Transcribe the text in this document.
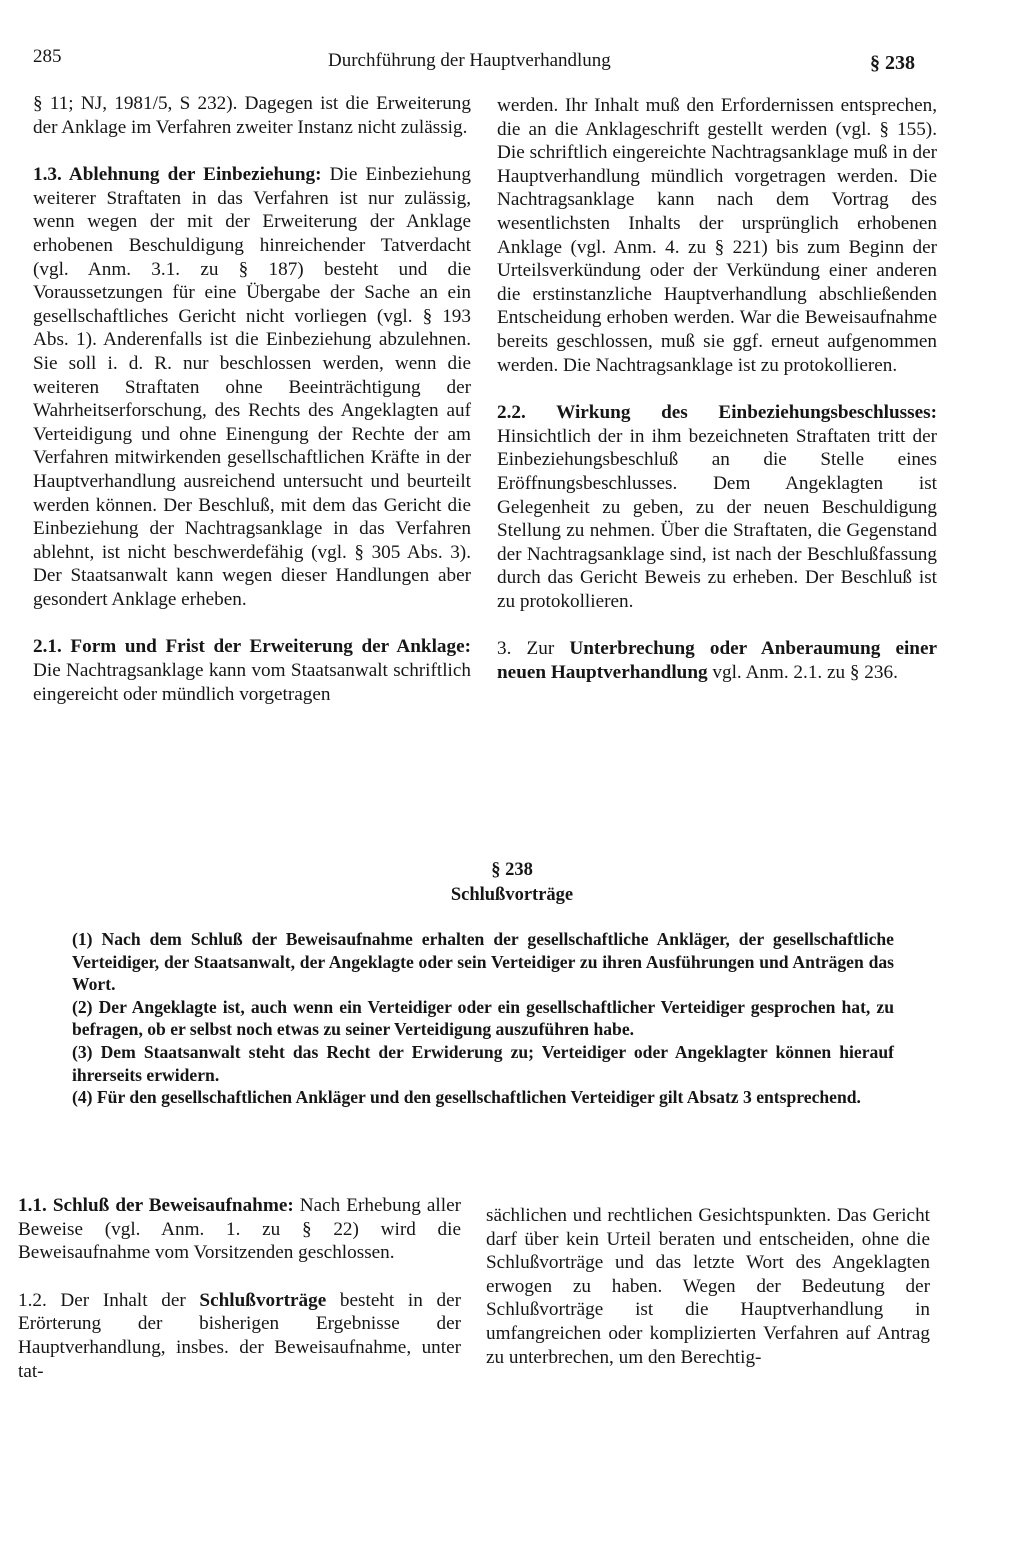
285	Durchführung der Hauptverhandlung	§ 238

§ 11; NJ, 1981/5, S 232). Dagegen ist die Erweiterung der Anklage im Verfahren zweiter Instanz nicht zulässig.

1.3. Ablehnung der Einbeziehung: Die Einbeziehung weiterer Straftaten in das Verfahren ist nur zulässig, wenn wegen der mit der Erweiterung der Anklage erhobenen Beschuldigung hinreichender Tatverdacht (vgl. Anm. 3.1. zu § 187) besteht und die Voraussetzungen für eine Übergabe der Sache an ein gesellschaftliches Gericht nicht vorliegen (vgl. § 193 Abs. 1). Anderenfalls ist die Einbeziehung abzulehnen. Sie soll i. d. R. nur beschlossen werden, wenn die weiteren Straftaten ohne Beeinträchtigung der Wahrheitserforschung, des Rechts des Angeklagten auf Verteidigung und ohne Einengung der Rechte der am Verfahren mitwirkenden gesellschaftlichen Kräfte in der Hauptverhandlung ausreichend untersucht und beurteilt werden können. Der Beschluß, mit dem das Gericht die Einbeziehung der Nachtragsanklage in das Verfahren ablehnt, ist nicht beschwerdefähig (vgl. § 305 Abs. 3). Der Staatsanwalt kann wegen dieser Handlungen aber gesondert Anklage erheben.

2.1. Form und Frist der Erweiterung der Anklage: Die Nachtragsanklage kann vom Staatsanwalt schriftlich eingereicht oder mündlich vorgetragen

werden. Ihr Inhalt muß den Erfordernissen entsprechen, die an die Anklageschrift gestellt werden (vgl. § 155). Die schriftlich eingereichte Nachtragsanklage muß in der Hauptverhandlung mündlich vorgetragen werden. Die Nachtragsanklage kann nach dem Vortrag des wesentlichsten Inhalts der ursprünglich erhobenen Anklage (vgl. Anm. 4. zu § 221) bis zum Beginn der Urteilsverkündung oder der Verkündung einer anderen die erstinstanzliche Hauptverhandlung abschließenden Entscheidung erhoben werden. War die Beweisaufnahme bereits geschlossen, muß sie ggf. erneut aufgenommen werden. Die Nachtragsanklage ist zu protokollieren.

2.2. Wirkung des Einbeziehungsbeschlusses: Hinsichtlich der in ihm bezeichneten Straftaten tritt der Einbeziehungsbeschluß an die Stelle eines Eröffnungsbeschlusses. Dem Angeklagten ist Gelegenheit zu geben, zu der neuen Beschuldigung Stellung zu nehmen. Über die Straftaten, die Gegenstand der Nachtragsanklage sind, ist nach der Beschlußfassung durch das Gericht Beweis zu erheben. Der Beschluß ist zu protokollieren.

3. Zur Unterbrechung oder Anberaumung einer neuen Hauptverhandlung vgl. Anm. 2.1. zu § 236.

§ 238
Schlußvorträge

(1) Nach dem Schluß der Beweisaufnahme erhalten der gesellschaftliche Ankläger, der gesellschaftliche Verteidiger, der Staatsanwalt, der Angeklagte oder sein Verteidiger zu ihren Ausführungen und Anträgen das Wort.

(2) Der Angeklagte ist, auch wenn ein Verteidiger oder ein gesellschaftlicher Verteidiger gesprochen hat, zu befragen, ob er selbst noch etwas zu seiner Verteidigung auszuführen habe.

(3) Dem Staatsanwalt steht das Recht der Erwiderung zu; Verteidiger oder Angeklagter können hierauf ihrerseits erwidern.

(4) Für den gesellschaftlichen Ankläger und den gesellschaftlichen Verteidiger gilt Absatz 3 entsprechend.

1.1. Schluß der Beweisaufnahme: Nach Erhebung aller Beweise (vgl. Anm. 1. zu § 22) wird die Beweisaufnahme vom Vorsitzenden geschlossen.

1.2. Der Inhalt der Schlußvorträge besteht in der Erörterung der bisherigen Ergebnisse der Hauptverhandlung, insbes. der Beweisaufnahme, unter tat-

sächlichen und rechtlichen Gesichtspunkten. Das Gericht darf über kein Urteil beraten und entscheiden, ohne die Schlußvorträge und das letzte Wort des Angeklagten erwogen zu haben. Wegen der Bedeutung der Schlußvorträge ist die Hauptverhandlung in umfangreichen oder komplizierten Verfahren auf Antrag zu unterbrechen, um den Berechtig-
